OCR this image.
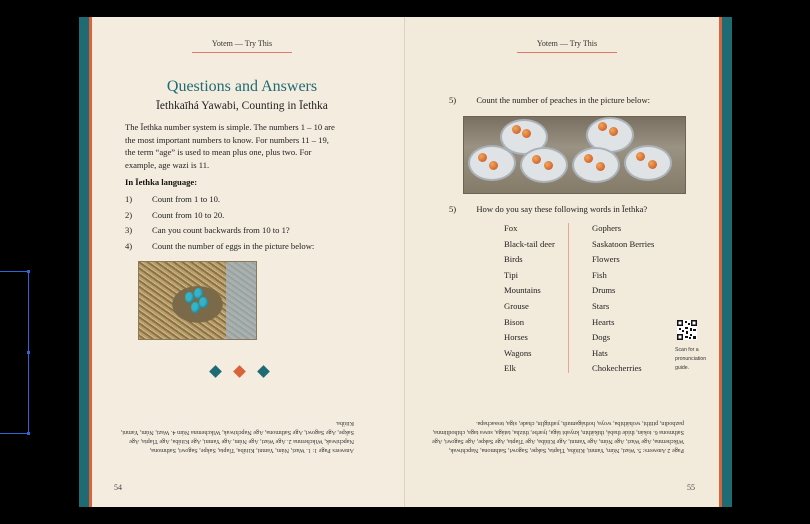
Yotem — Try This
Questions and Answers
Īethkaīhá Yawabi, Counting in Īethka
The Īethka number system is simple. The numbers 1 – 10 are the most important numbers to know. For numbers 11 – 19, the term “age” is used to mean plus one, plus two. For example, age wazi is 11.
In Īethka language:
1) Count from 1 to 10.
2) Count from 10 to 20.
3) Can you count backwards from 10 to 1?
4) Count the number of eggs in the picture below:
Answers Page 1: 1. Wazi, Núm, Yamni, Kiiúba, Tlapta, Sakpe, Sagowi, Sathmona, Napchiwak, Wikchemna 2. Age Wazi, Age Núm, Age Yamni, Age Kiiúba, Age Tlapta, Age Sakpe, Age Sagowi, Age Sathmona, Age Napchiwak, Wikchemna Núm 4. Wazi, Núm, Yamni, Kiiúba.
54
Yotem — Try This
5) Count the number of peaches in the picture below:
5) How do you say these following words in Īethka?
Fox
Black-tail deer
Birds
Tipi
Mountains
Grouse
Bison
Horses
Wagons
Elk
Gophers
Saskatoon Berries
Flowers
Fish
Drums
Stars
Hearts
Dogs
Hats
Chokecherries
Scan for a pronunciation guide.
Page 2 Answers: 5. Wazi, Núm, Yamni, Kiiúba, Tlapta, Sakpe, Sagowi, Sathmona, Napchiwak, Wikchemna, Age Wazi, Age Núm, Age Yamni, Age Kiiúba, Age Tlapta, Age Sakpe, Age Sagowi, Age Sathmona 6. tokán, thíde thabá, thikáthin, knyabi tága, iyarbe, thizha, tatága, suwa taga, chihodiimna, pazhodin, pitithi, woháthiba, woya, hothágamuth, yathiglin, chade, siga, tessachapa.
55
